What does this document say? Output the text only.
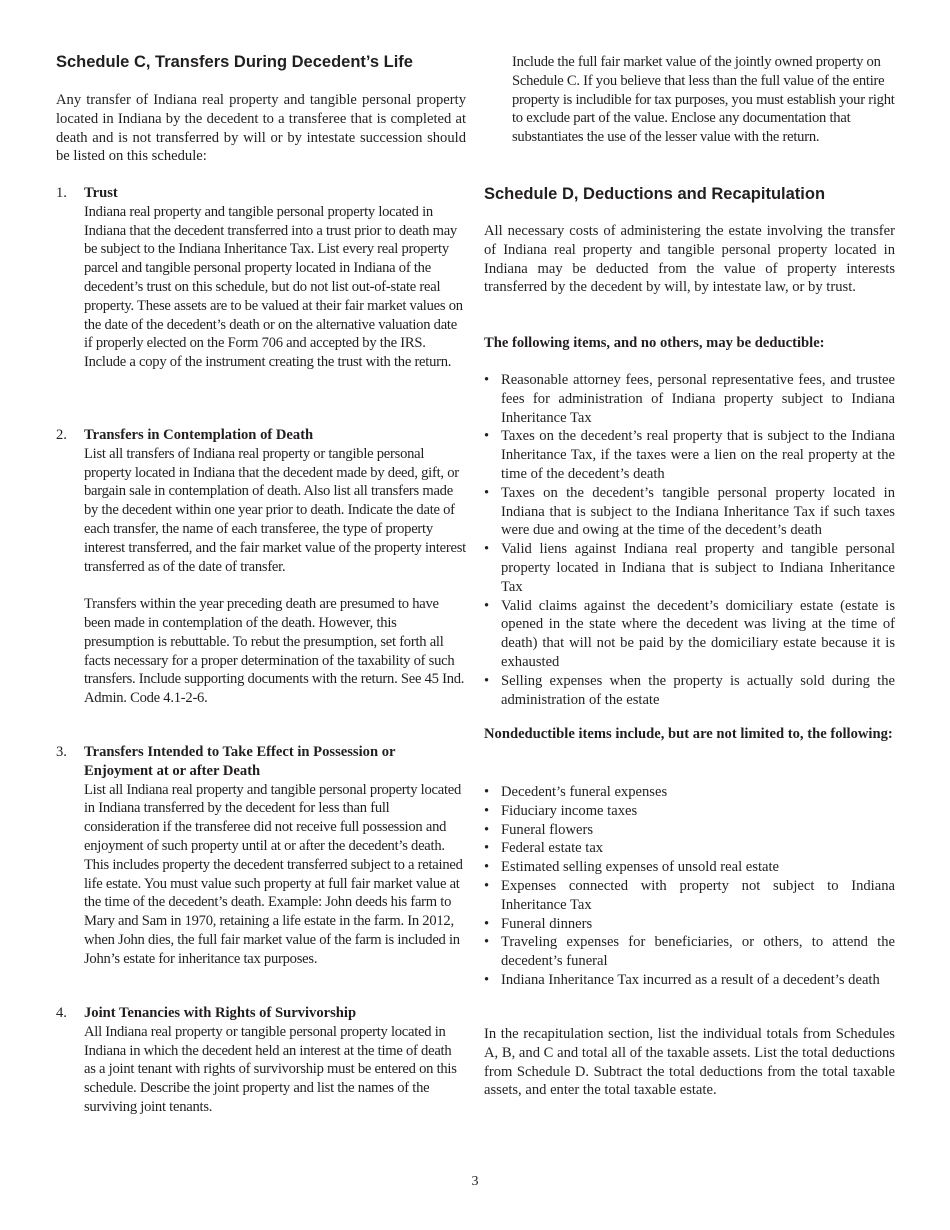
Schedule C, Transfers During Decedent’s Life

Any transfer of Indiana real property and tangible personal property located in Indiana by the decedent to a transferee that is completed at death and is not transferred by will or by intestate succession should be listed on this schedule:

1. Trust

Indiana real property and tangible personal property located in Indiana that the decedent transferred into a trust prior to death may be subject to the Indiana Inheritance Tax. List every real property parcel and tangible personal property located in Indiana of the decedent’s trust on this schedule, but do not list out-of-state real property. These assets are to be valued at their fair market values on the date of the decedent’s death or on the alternative valuation date if properly elected on the Form 706 and accepted by the IRS. Include a copy of the instrument creating the trust with the return.

2. Transfers in Contemplation of Death

List all transfers of Indiana real property or tangible personal property located in Indiana that the decedent made by deed, gift, or bargain sale in contemplation of death. Also list all transfers made by the decedent within one year prior to death. Indicate the date of each transfer, the name of each transferee, the type of property interest transferred, and the fair market value of the property interest transferred as of the date of transfer.

Transfers within the year preceding death are presumed to have been made in contemplation of the death. However, this presumption is rebuttable. To rebut the presumption, set forth all facts necessary for a proper determination of the taxability of such transfers. Include supporting documents with the return. See 45 Ind. Admin. Code 4.1-2-6.

3. Transfers Intended to Take Effect in Possession or Enjoyment at or after Death

List all Indiana real property and tangible personal property located in Indiana transferred by the decedent for less than full consideration if the transferee did not receive full possession and enjoyment of such property until at or after the decedent’s death. This includes property the decedent transferred subject to a retained life estate. You must value such property at full fair market value at the time of the decedent’s death. Example: John deeds his farm to Mary and Sam in 1970, retaining a life estate in the farm. In 2012, when John dies, the full fair market value of the farm is included in John’s estate for inheritance tax purposes.

4. Joint Tenancies with Rights of Survivorship

All Indiana real property or tangible personal property located in Indiana in which the decedent held an interest at the time of death as a joint tenant with rights of survivorship must be entered on this schedule. Describe the joint property and list the names of the surviving joint tenants.

Include the full fair market value of the jointly owned property on Schedule C. If you believe that less than the full value of the entire property is includible for tax purposes, you must establish your right to exclude part of the value. Enclose any documentation that substantiates the use of the lesser value with the return.

Schedule D, Deductions and Recapitulation

All necessary costs of administering the estate involving the transfer of Indiana real property and tangible personal property located in Indiana may be deducted from the value of property interests transferred by the decedent by will, by intestate law, or by trust.

The following items, and no others, may be deductible:

• Reasonable attorney fees, personal representative fees, and trustee fees for administration of Indiana property subject to Indiana Inheritance Tax
• Taxes on the decedent’s real property that is subject to the Indiana Inheritance Tax, if the taxes were a lien on the real property at the time of the decedent’s death
• Taxes on the decedent’s tangible personal property located in Indiana that is subject to the Indiana Inheritance Tax if such taxes were due and owing at the time of the decedent’s death
• Valid liens against Indiana real property and tangible personal property located in Indiana that is subject to Indiana Inheritance Tax
• Valid claims against the decedent’s domiciliary estate (estate is opened in the state where the decedent was living at the time of death) that will not be paid by the domiciliary estate because it is exhausted
• Selling expenses when the property is actually sold during the administration of the estate

Nondeductible items include, but are not limited to, the following:

• Decedent’s funeral expenses
• Fiduciary income taxes
• Funeral flowers
• Federal estate tax
• Estimated selling expenses of unsold real estate
• Expenses connected with property not subject to Indiana Inheritance Tax
• Funeral dinners
• Traveling expenses for beneficiaries, or others, to attend the decedent’s funeral
• Indiana Inheritance Tax incurred as a result of a decedent’s death

In the recapitulation section, list the individual totals from Schedules A, B, and C and total all of the taxable assets. List the total deductions from Schedule D. Subtract the total deductions from the total taxable assets, and enter the total taxable estate.

3
